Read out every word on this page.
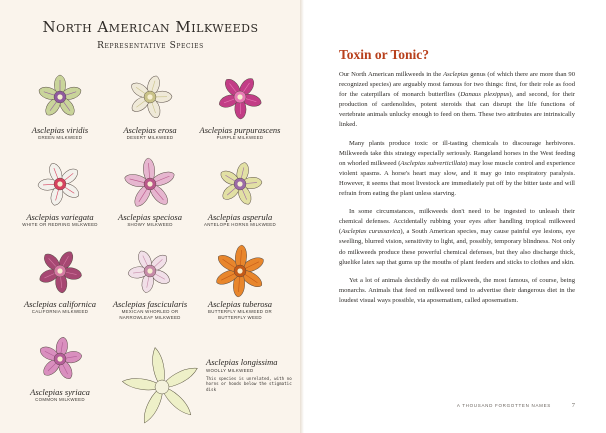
North American Milkweeds
Representative Species
Asclepias viridis
GREEN MILKWEED
Asclepias erosa
DESERT MILKWEED
Asclepias purpurascens
PURPLE MILKWEED
Asclepias variegata
WHITE OR REDRING MILKWEED
Asclepias speciosa
SHOWY MILKWEED
Asclepias asperula
ANTELOPE HORNS MILKWEED
Asclepias californica
CALIFORNIA MILKWEED
Asclepias fascicularis
MEXICAN WHORLED OR NARROWLEAF MILKWEED
Asclepias tuberosa
BUTTERFLY MILKWEED OR BUTTERFLY WEED
Asclepias syriaca
COMMON MILKWEED
Asclepias longissima
WOOLLY MILKWEED
This species is unrelated, with no horns or hoods below the stigmatic disk
Toxin or Tonic?

Our North American milkweeds in the Asclepias genus (of which there are more than 90 recognized species) are arguably most famous for two things: first, for their role as food for the caterpillars of monarch butterflies (Danaus plexippus), and second, for their production of cardenolides, potent steroids that can disrupt the life functions of vertebrate animals unlucky enough to feed on them. These two attributes are intrinsically linked.

Many plants produce toxic or ill-tasting chemicals to discourage herbivores. Milkweeds take this strategy especially seriously. Rangeland horses in the West feeding on whorled milkweed (Asclepias subverticillata) may lose muscle control and experience violent spasms. A horse's heart may slow, and it may go into respiratory paralysis. However, it seems that most livestock are immediately put off by the bitter taste and will refrain from eating the plant unless starving.

In some circumstances, milkweeds don't need to be ingested to unleash their chemical defenses. Accidentally rubbing your eyes after handling tropical milkweed (Asclepias curassavica), a South American species, may cause painful eye lesions, eye swelling, blurred vision, sensitivity to light, and, possibly, temporary blindness. Not only do milkweeds produce these powerful chemical defenses, but they also discharge thick, gluelike latex sap that gums up the mouths of plant feeders and sticks to clothes and skin.

Yet a lot of animals decidedly do eat milkweeds, the most famous, of course, being monarchs. Animals that feed on milkweed tend to advertise their dangerous diet in the loudest visual ways possible, via aposematism, called aposematism.

A THOUSAND FORGOTTEN NAMES	7
